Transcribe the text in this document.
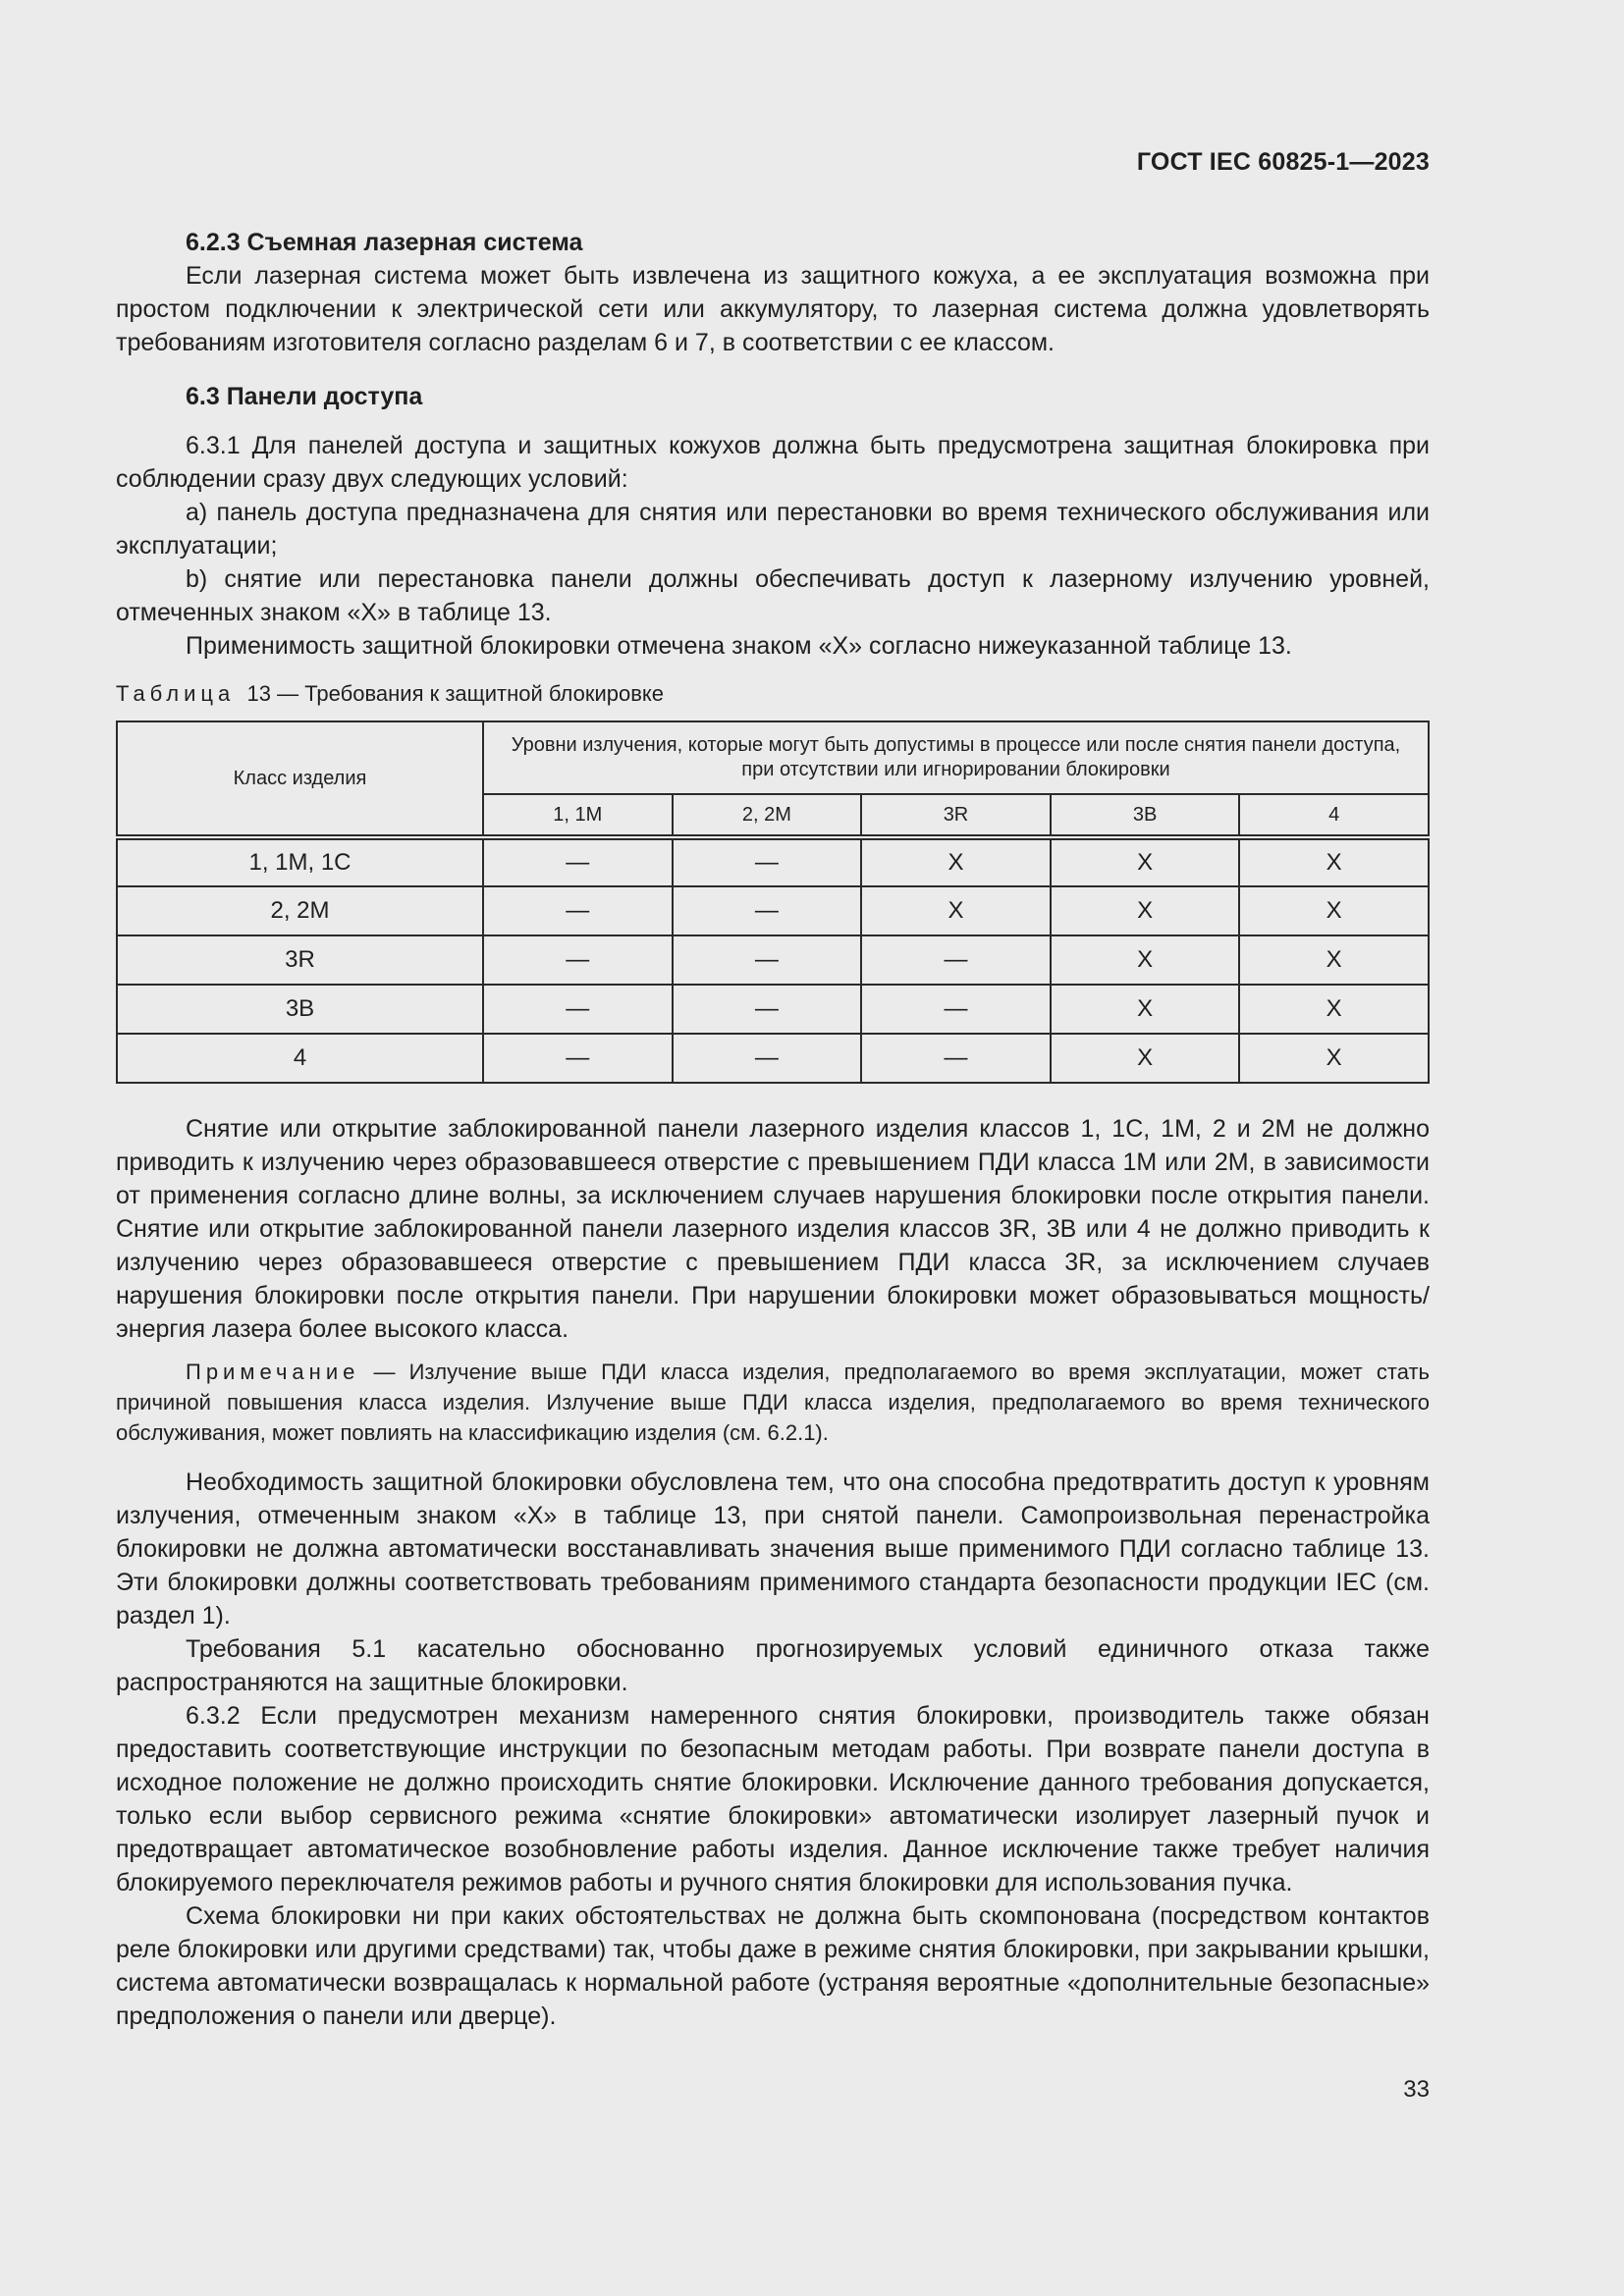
ГОСТ IEC 60825-1—2023
6.2.3 Съемная лазерная система

Если лазерная система может быть извлечена из защитного кожуха, а ее эксплуатация возможна при простом подключении к электрической сети или аккумулятору, то лазерная система должна удовлетворять требованиям изготовителя согласно разделам 6 и 7, в соответствии с ее классом.

6.3 Панели доступа

6.3.1 Для панелей доступа и защитных кожухов должна быть предусмотрена защитная блокировка при соблюдении сразу двух следующих условий:

а) панель доступа предназначена для снятия или перестановки во время технического обслуживания или эксплуатации;

b) снятие или перестановка панели должны обеспечивать доступ к лазерному излучению уровней, отмеченных знаком «X» в таблице 13.

Применимость защитной блокировки отмечена знаком «X» согласно нижеуказанной таблице 13.

Таблица 13 — Требования к защитной блокировке
Класс изделия	Уровни излучения, которые могут быть допустимы в процессе или после снятия панели доступа, при отсутствии или игнорировании блокировки				
	1, 1M	2, 2M	3R	3B	4
1, 1M, 1C	—	—	X	X	X
2, 2M	—	—	X	X	X
3R	—	—	—	X	X
3B	—	—	—	X	X
4	—	—	—	X	X

Снятие или открытие заблокированной панели лазерного изделия классов 1, 1С, 1М, 2 и 2М не должно приводить к излучению через образовавшееся отверстие с превышением ПДИ класса 1М или 2М, в зависимости от применения согласно длине волны, за исключением случаев нарушения блокировки после открытия панели. Снятие или открытие заблокированной панели лазерного изделия классов 3R, 3B или 4 не должно приводить к излучению через образовавшееся отверстие с превышением ПДИ класса 3R, за исключением случаев нарушения блокировки после открытия панели. При нарушении блокировки может образовываться мощность/энергия лазера более высокого класса.

Примечание — Излучение выше ПДИ класса изделия, предполагаемого во время эксплуатации, может стать причиной повышения класса изделия. Излучение выше ПДИ класса изделия, предполагаемого во время технического обслуживания, может повлиять на классификацию изделия (см. 6.2.1).

Необходимость защитной блокировки обусловлена тем, что она способна предотвратить доступ к уровням излучения, отмеченным знаком «X» в таблице 13, при снятой панели. Самопроизвольная перенастройка блокировки не должна автоматически восстанавливать значения выше применимого ПДИ согласно таблице 13. Эти блокировки должны соответствовать требованиям применимого стандарта безопасности продукции IEC (см. раздел 1).

Требования 5.1 касательно обоснованно прогнозируемых условий единичного отказа также распространяются на защитные блокировки.

6.3.2 Если предусмотрен механизм намеренного снятия блокировки, производитель также обязан предоставить соответствующие инструкции по безопасным методам работы. При возврате панели доступа в исходное положение не должно происходить снятие блокировки. Исключение данного требования допускается, только если выбор сервисного режима «снятие блокировки» автоматически изолирует лазерный пучок и предотвращает автоматическое возобновление работы изделия. Данное исключение также требует наличия блокируемого переключателя режимов работы и ручного снятия блокировки для использования пучка.

Схема блокировки ни при каких обстоятельствах не должна быть скомпонована (посредством контактов реле блокировки или другими средствами) так, чтобы даже в режиме снятия блокировки, при закрывании крышки, система автоматически возвращалась к нормальной работе (устраняя вероятные «дополнительные безопасные» предположения о панели или дверце).

33
